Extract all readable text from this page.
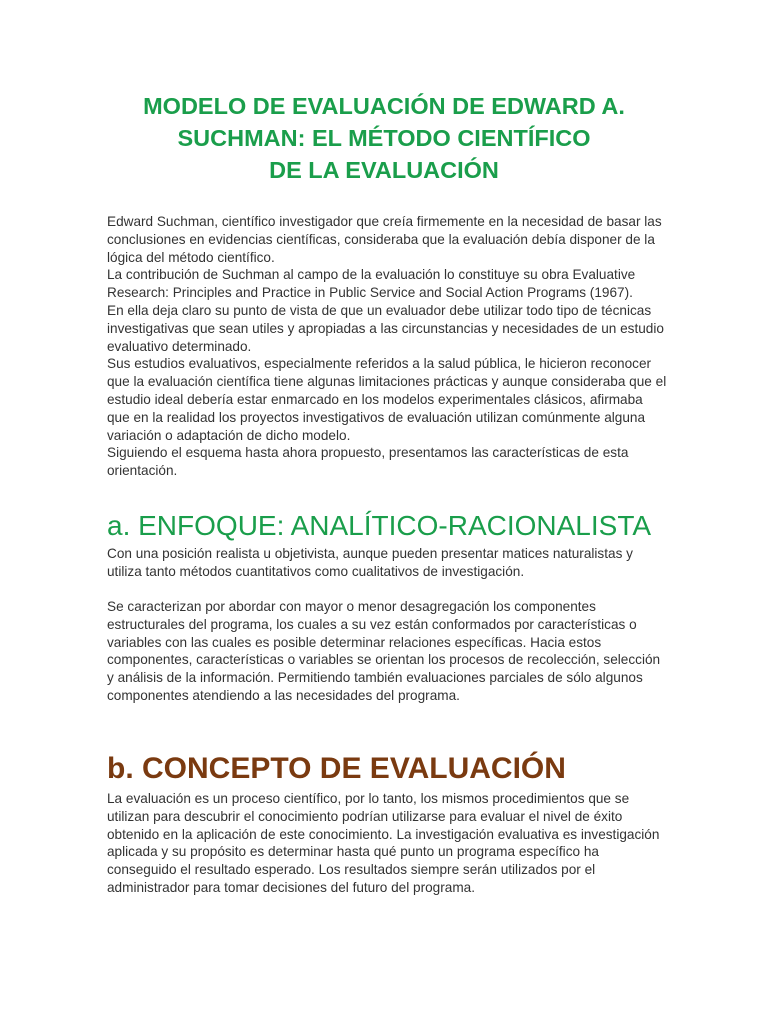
MODELO DE EVALUACIÓN DE EDWARD A.
SUCHMAN: EL MÉTODO CIENTÍFICO
DE LA EVALUACIÓN

Edward Suchman, científico investigador que creía firmemente en la necesidad de basar las conclusiones en evidencias científicas, consideraba que la evaluación debía disponer de la lógica del método científico.

La contribución de Suchman al campo de la evaluación lo constituye su obra Evaluative Research: Principles and Practice in Public Service and Social Action Programs (1967).

En ella deja claro su punto de vista de que un evaluador debe utilizar todo tipo de técnicas investigativas que sean utiles y apropiadas a las circunstancias y necesidades de un estudio evaluativo determinado.

Sus estudios evaluativos, especialmente referidos a la salud pública, le hicieron reconocer que la evaluación científica tiene algunas limitaciones prácticas y aunque consideraba que el estudio ideal debería estar enmarcado en los modelos experimentales clásicos, afirmaba que en la realidad los proyectos investigativos de evaluación utilizan comúnmente alguna variación o adaptación de dicho modelo.

Siguiendo el esquema hasta ahora propuesto, presentamos las características de esta orientación.

a. ENFOQUE: ANALÍTICO-RACIONALISTA

Con una posición realista u objetivista, aunque pueden presentar matices naturalistas y utiliza tanto métodos cuantitativos como cualitativos de investigación.

Se caracterizan por abordar con mayor o menor desagregación los componentes estructurales del programa, los cuales a su vez están conformados por características o variables con las cuales es posible determinar relaciones específicas. Hacia estos componentes, características o variables se orientan los procesos de recolección, selección y análisis de la información. Permitiendo también evaluaciones parciales de sólo algunos componentes atendiendo a las necesidades del programa.

b. CONCEPTO DE EVALUACIÓN

La evaluación es un proceso científico, por lo tanto, los mismos procedimientos que se utilizan para descubrir el conocimiento podrían utilizarse para evaluar el nivel de éxito obtenido en la aplicación de este conocimiento. La investigación evaluativa es investigación aplicada y su propósito es determinar hasta qué punto un programa específico ha conseguido el resultado esperado. Los resultados siempre serán utilizados por el administrador para tomar decisiones del futuro del programa.
